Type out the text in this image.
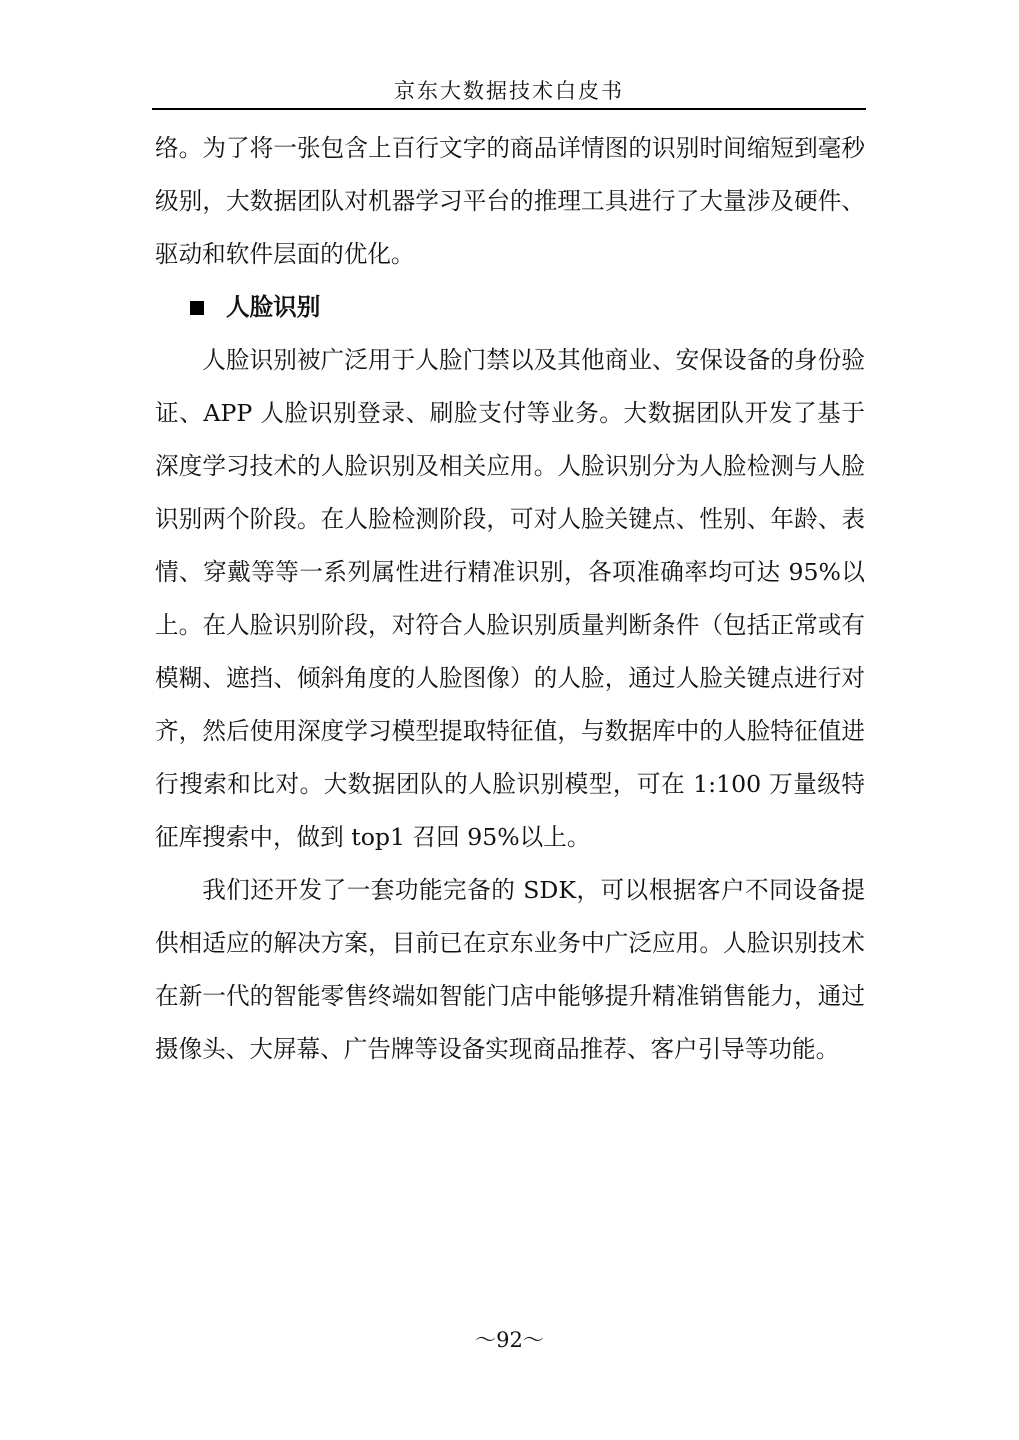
京东大数据技术白皮书

络。为了将一张包含上百行文字的商品详情图的识别时间缩短到毫秒级别，大数据团队对机器学习平台的推理工具进行了大量涉及硬件、驱动和软件层面的优化。

人脸识别

人脸识别被广泛用于人脸门禁以及其他商业、安保设备的身份验证、APP 人脸识别登录、刷脸支付等业务。大数据团队开发了基于深度学习技术的人脸识别及相关应用。人脸识别分为人脸检测与人脸识别两个阶段。在人脸检测阶段，可对人脸关键点、性别、年龄、表情、穿戴等等一系列属性进行精准识别，各项准确率均可达 95%以上。在人脸识别阶段，对符合人脸识别质量判断条件（包括正常或有模糊、遮挡、倾斜角度的人脸图像）的人脸，通过人脸关键点进行对齐，然后使用深度学习模型提取特征值，与数据库中的人脸特征值进行搜索和比对。大数据团队的人脸识别模型，可在 1:100 万量级特征库搜索中，做到 top1 召回 95%以上。

我们还开发了一套功能完备的 SDK，可以根据客户不同设备提供相适应的解决方案，目前已在京东业务中广泛应用。人脸识别技术在新一代的智能零售终端如智能门店中能够提升精准销售能力，通过摄像头、大屏幕、广告牌等设备实现商品推荐、客户引导等功能。

～92～
